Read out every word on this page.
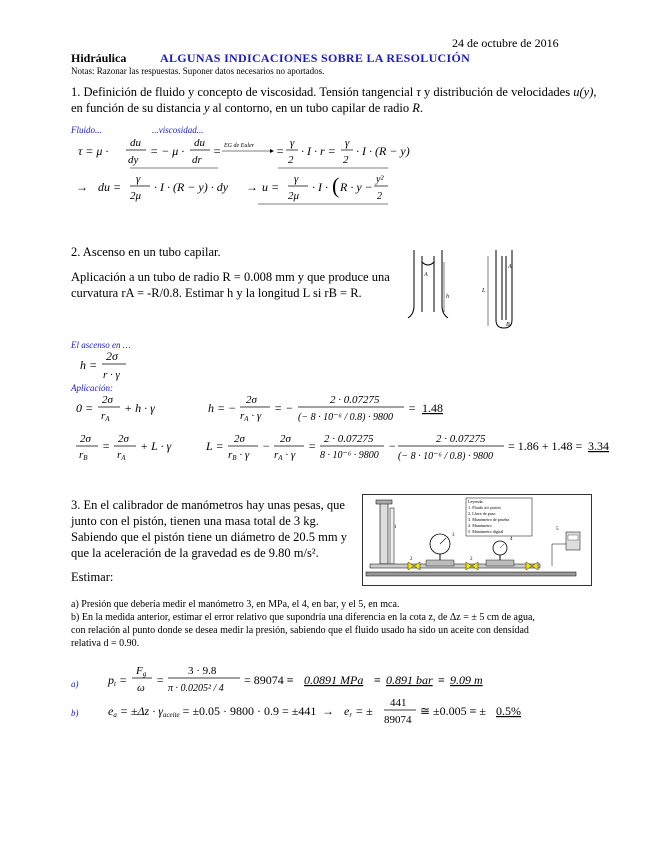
24 de octubre de 2016
Hidráulica	ALGUNAS INDICACIONES SOBRE LA RESOLUCIÓN
Notas: Razonar las respuestas. Suponer datos necesarios no aportados.
1. Definición de fluido y concepto de viscosidad. Tensión tangencial τ y distribución de velocidades u(y),
en función de su distancia y al contorno, en un tubo capilar de radio R.
Fluido...	...viscosidad...
τ = μ ·
du
dy
= − μ ·
du
dr
= EG de Euler =
γ
2
· I · r =
γ
2
· I · (R − y)
→ du =
γ
2μ
· I · (R − y) · dy → u =
γ
2μ
· I · ( R · y −
y²
2
2. Ascenso en un tubo capilar.
Aplicación a un tubo de radio R = 0.008 mm y que produce una
curvatura rA = -R/0.8. Estimar h y la longitud L si rB = R.
A
h
A
L
B
El ascenso en …
h =
2σ
r · γ
Aplicación:
0 =
2σ
rA
+ h · γ	h = −
2σ
rA · γ
= −
2 · 0.07275
(− 8 · 10⁻⁶ / 0.8) · 9800
= 1.48
2σ
rB
= 2σ
rA
+ L · γ	L = 2σ
rB · γ
− 2σ
rA · γ
= 2 · 0.07275
8 · 10⁻⁶ · 9800
−	2 · 0.07275
(− 8 · 10⁻⁶ / 0.8) · 9800
= 1.86 + 1.48 = 3.34
3. En el calibrador de manómetros hay unas pesas, que
junto con el pistón, tienen una masa total de 3 kg.
Sabiendo que el pistón tiene un diámetro de 20.5 mm y
que la aceleración de la gravedad es de 9.80 m/s².
Estimar:
Leyenda:
1. Fluido a/o pistón
2. Llave de paso
3. Manómetro de prueba
4. Manómetro
5. Manómetro digital
1
2	2
3
4
5
a) Presión que debería medir el manómetro 3, en MPa, el 4, en bar, y el 5, en mca.
b) En la medida anterior, estimar el error relativo que supondría una diferencia en la cota z, de Δz = ± 5 cm de agua,
con relación al punto donde se desea medir la presión, sabiendo que el fluido usado ha sido un aceite con densidad
relativa d = 0.90.
a)
b)
pt =
Fg
ω
=
3 · 9.8
π · 0.0205² / 4
= 89074 ≡ 0.0891 MPa ≡ 0.891 bar ≡ 9.09 m
ea = ±Δz · γaceite = ±0.05 · 9800 · 0.9 = ±441 → er = ±
441
89074
≅ ±0.005 ≡ ± 0.5%
